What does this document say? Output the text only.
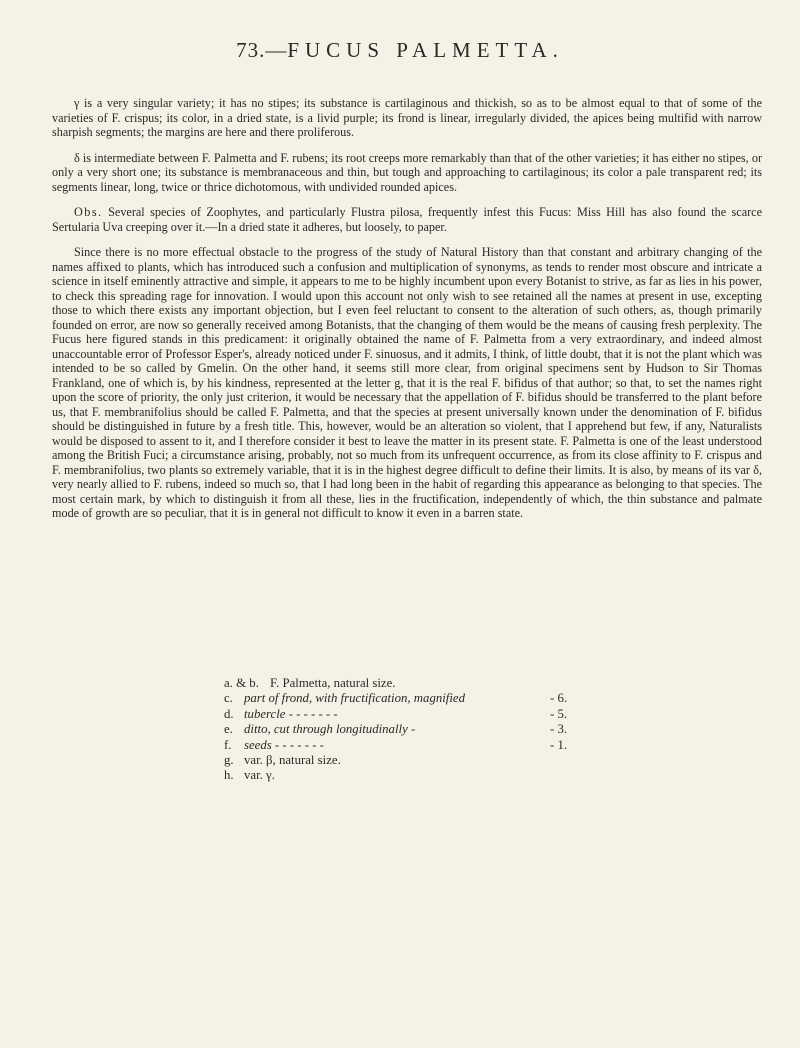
73.—FUCUS PALMETTA.

γ is a very singular variety; it has no stipes; its substance is cartilaginous and thickish, so as to be almost equal to that of some of the varieties of F. crispus; its color, in a dried state, is a livid purple; its frond is linear, irregularly divided, the apices being multifid with narrow sharpish segments; the margins are here and there proliferous.

δ is intermediate between F. Palmetta and F. rubens; its root creeps more remarkably than that of the other varieties; it has either no stipes, or only a very short one; its substance is membranaceous and thin, but tough and approaching to cartilaginous; its color a pale transparent red; its segments linear, long, twice or thrice dichotomous, with undivided rounded apices.

Obs. Several species of Zoophytes, and particularly Flustra pilosa, frequently infest this Fucus: Miss Hill has also found the scarce Sertularia Uva creeping over it.—In a dried state it adheres, but loosely, to paper.

Since there is no more effectual obstacle to the progress of the study of Natural History than that constant and arbitrary changing of the names affixed to plants, which has introduced such a confusion and multiplication of synonyms, as tends to render most obscure and intricate a science in itself eminently attractive and simple, it appears to me to be highly incumbent upon every Botanist to strive, as far as lies in his power, to check this spreading rage for innovation. I would upon this account not only wish to see retained all the names at present in use, excepting those to which there exists any important objection, but I even feel reluctant to consent to the alteration of such others, as, though primarily founded on error, are now so generally received among Botanists, that the changing of them would be the means of causing fresh perplexity. The Fucus here figured stands in this predicament: it originally obtained the name of F. Palmetta from a very extraordinary, and indeed almost unaccountable error of Professor Esper's, already noticed under F. sinuosus, and it admits, I think, of little doubt, that it is not the plant which was intended to be so called by Gmelin. On the other hand, it seems still more clear, from original specimens sent by Hudson to Sir Thomas Frankland, one of which is, by his kindness, represented at the letter g, that it is the real F. bifidus of that author; so that, to set the names right upon the score of priority, the only just criterion, it would be necessary that the appellation of F. bifidus should be transferred to the plant before us, that F. membranifolius should be called F. Palmetta, and that the species at present universally known under the denomination of F. bifidus should be distinguished in future by a fresh title. This, however, would be an alteration so violent, that I apprehend but few, if any, Naturalists would be disposed to assent to it, and I therefore consider it best to leave the matter in its present state. F. Palmetta is one of the least understood among the British Fuci; a circumstance arising, probably, not so much from its unfrequent occurrence, as from its close affinity to F. crispus and F. membranifolius, two plants so extremely variable, that it is in the highest degree difficult to define their limits. It is also, by means of its var δ, very nearly allied to F. rubens, indeed so much so, that I had long been in the habit of regarding this appearance as belonging to that species. The most certain mark, by which to distinguish it from all these, lies in the fructification, independently of which, the thin substance and palmate mode of growth are so peculiar, that it is in general not difficult to know it even in a barren state.

a. & b. F. Palmetta, natural size.
c. part of frond, with fructification, magnified	- 6.
d. tubercle - - - - - - -	- 5.
e. ditto, cut through longitudinally -	- 3.
f. seeds - - - - - - -	- 1.
g. var. β, natural size.
h. var. γ.
